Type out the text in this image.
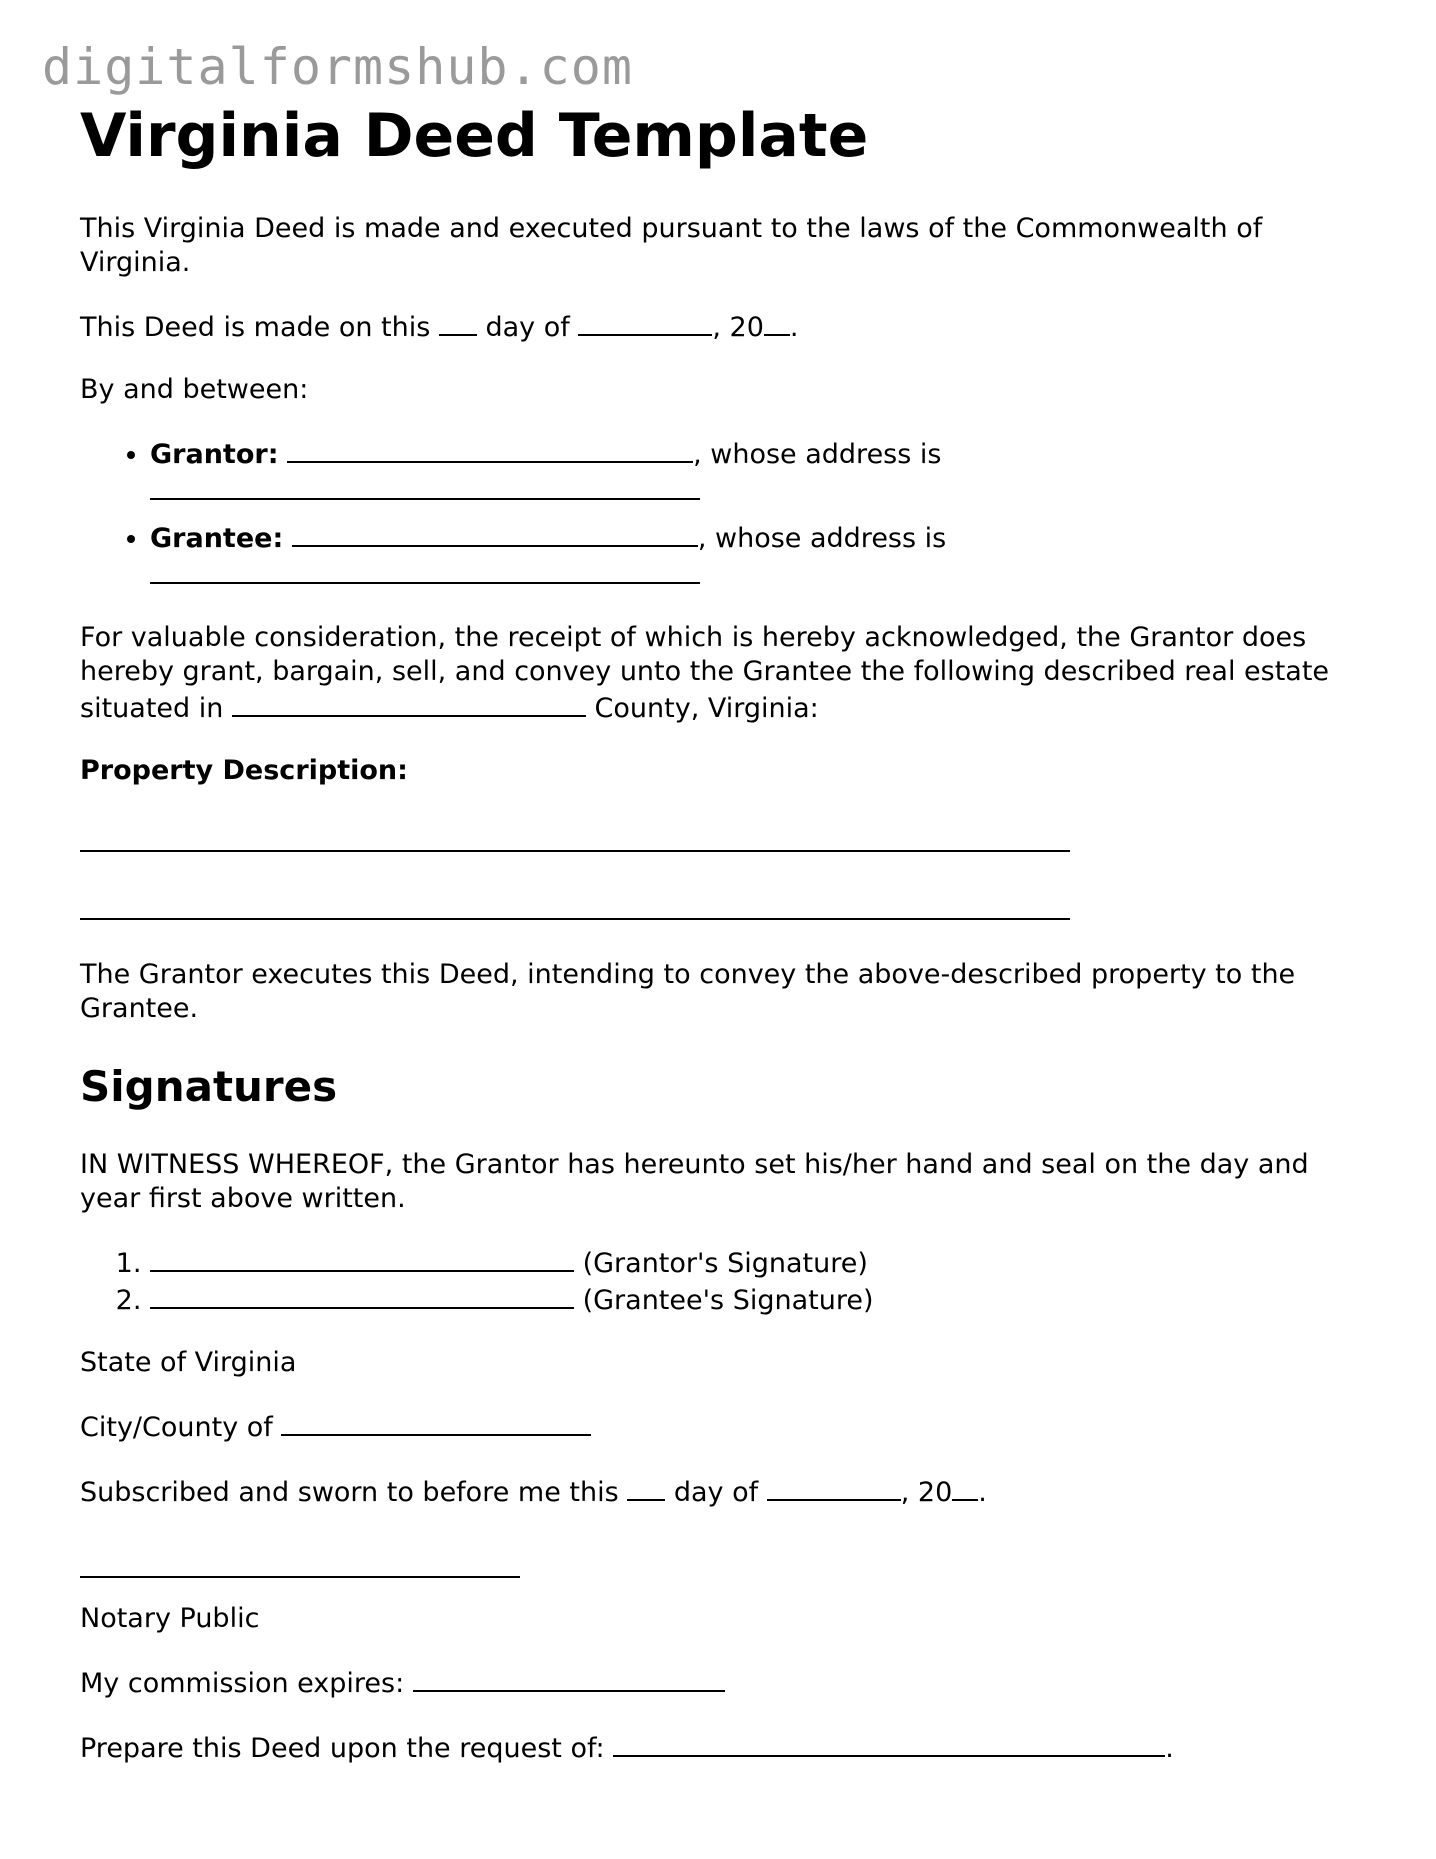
digitalformshub.com
Virginia Deed Template

This Virginia Deed is made and executed pursuant to the laws of the Commonwealth of Virginia.

This Deed is made on this day of	, 20 .

By and between:

• Grantor:	, whose address is

• Grantee:	, whose address is

For valuable consideration, the receipt of which is hereby acknowledged, the Grantor does hereby grant, bargain, sell, and convey unto the Grantee the following described real estate situated in	County, Virginia:

Property Description:

The Grantor executes this Deed, intending to convey the above-described property to the Grantee.

Signatures

IN WITNESS WHEREOF, the Grantor has hereunto set his/her hand and seal on the day and year first above written.

1. (Grantor's Signature)
2. (Grantee's Signature)

State of Virginia

City/County of

Subscribed and sworn to before me this day of	, 20 .

Notary Public

My commission expires:

Prepare this Deed upon the request of:	.
